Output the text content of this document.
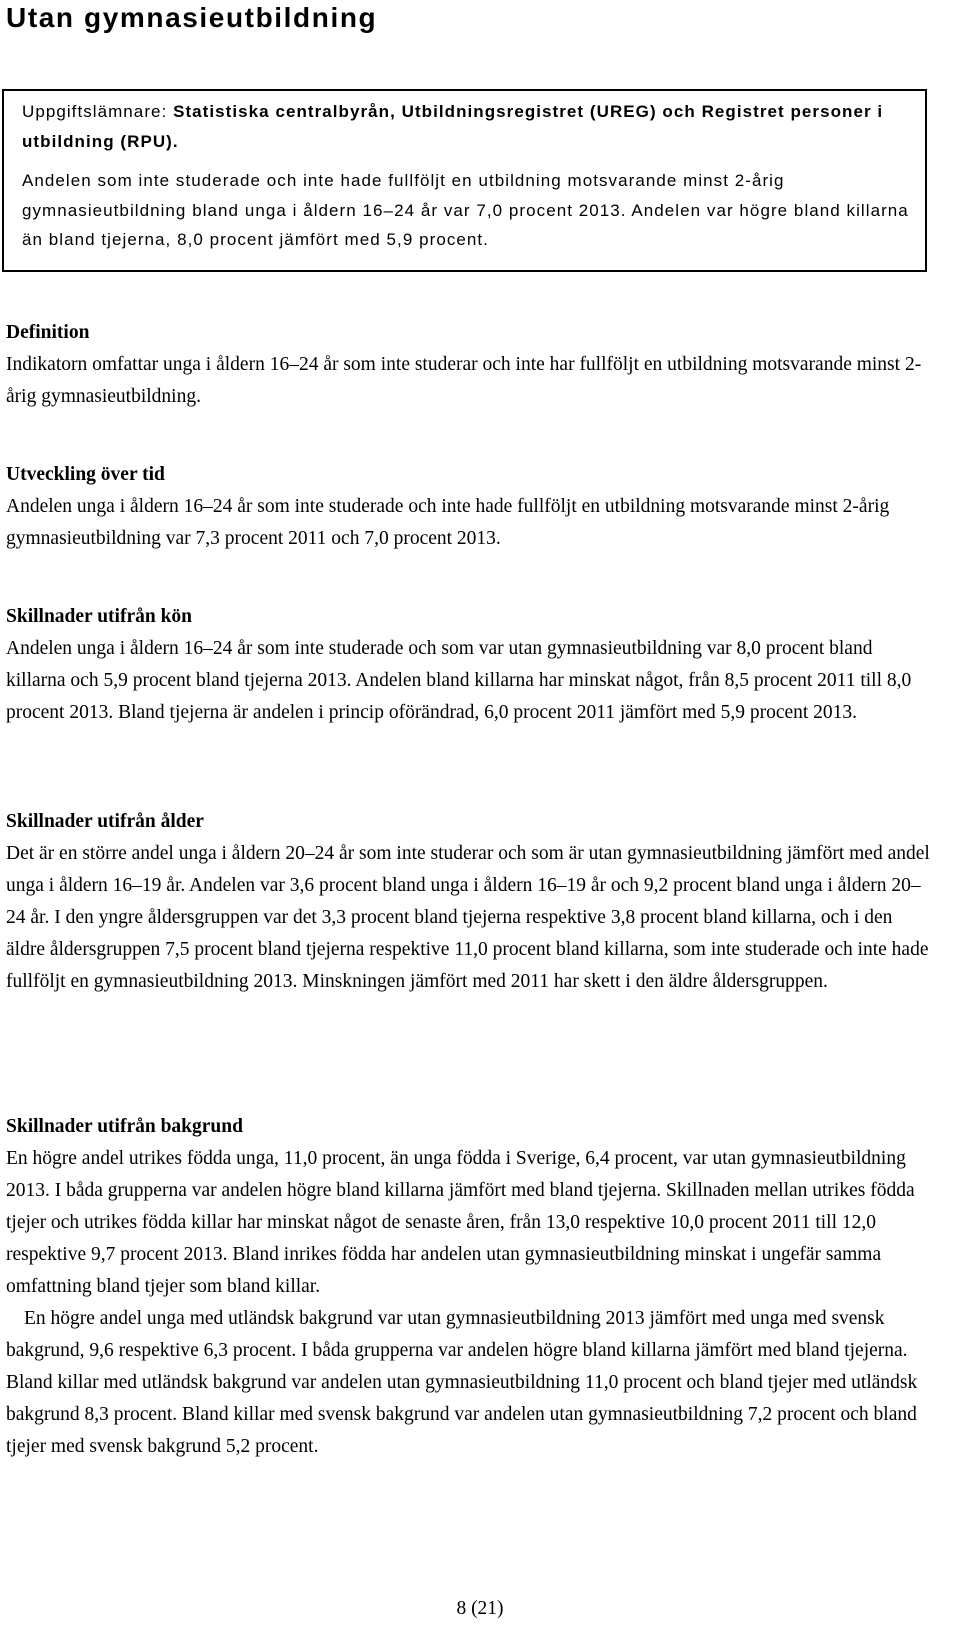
Utan gymnasieutbildning

Uppgiftslämnare: Statistiska centralbyrån, Utbildningsregistret (UREG) och Registret personer i utbildning (RPU).

Andelen som inte studerade och inte hade fullföljt en utbildning motsvarande minst 2-årig gymnasieutbildning bland unga i åldern 16–24 år var 7,0 procent 2013. Andelen var högre bland killarna än bland tjejerna, 8,0 procent jämfört med 5,9 procent.

Definition

Indikatorn omfattar unga i åldern 16–24 år som inte studerar och inte har fullföljt en utbildning motsvarande minst 2-årig gymnasieutbildning.

Utveckling över tid

Andelen unga i åldern 16–24 år som inte studerade och inte hade fullföljt en utbildning motsvarande minst 2-årig gymnasieutbildning var 7,3 procent 2011 och 7,0 procent 2013.

Skillnader utifrån kön

Andelen unga i åldern 16–24 år som inte studerade och som var utan gymnasieutbildning var 8,0 procent bland killarna och 5,9 procent bland tjejerna 2013. Andelen bland killarna har minskat något, från 8,5 procent 2011 till 8,0 procent 2013. Bland tjejerna är andelen i princip oförändrad, 6,0 procent 2011 jämfört med 5,9 procent 2013.

Skillnader utifrån ålder

Det är en större andel unga i åldern 20–24 år som inte studerar och som är utan gymnasieutbildning jämfört med andel unga i åldern 16–19 år. Andelen var 3,6 procent bland unga i åldern 16–19 år och 9,2 procent bland unga i åldern 20–24 år. I den yngre åldersgruppen var det 3,3 procent bland tjejerna respektive 3,8 procent bland killarna, och i den äldre åldersgruppen 7,5 procent bland tjejerna respektive 11,0 procent bland killarna, som inte studerade och inte hade fullföljt en gymnasieutbildning 2013. Minskningen jämfört med 2011 har skett i den äldre åldersgruppen.

Skillnader utifrån bakgrund

En högre andel utrikes födda unga, 11,0 procent, än unga födda i Sverige, 6,4 procent, var utan gymnasieutbildning 2013. I båda grupperna var andelen högre bland killarna jämfört med bland tjejerna. Skillnaden mellan utrikes födda tjejer och utrikes födda killar har minskat något de senaste åren, från 13,0 respektive 10,0 procent 2011 till 12,0 respektive 9,7 procent 2013. Bland inrikes födda har andelen utan gymnasieutbildning minskat i ungefär samma omfattning bland tjejer som bland killar.

En högre andel unga med utländsk bakgrund var utan gymnasieutbildning 2013 jämfört med unga med svensk bakgrund, 9,6 respektive 6,3 procent. I båda grupperna var andelen högre bland killarna jämfört med bland tjejerna. Bland killar med utländsk bakgrund var andelen utan gymnasieutbildning 11,0 procent och bland tjejer med utländsk bakgrund 8,3 procent. Bland killar med svensk bakgrund var andelen utan gymnasieutbildning 7,2 procent och bland tjejer med svensk bakgrund 5,2 procent.

8 (21)
